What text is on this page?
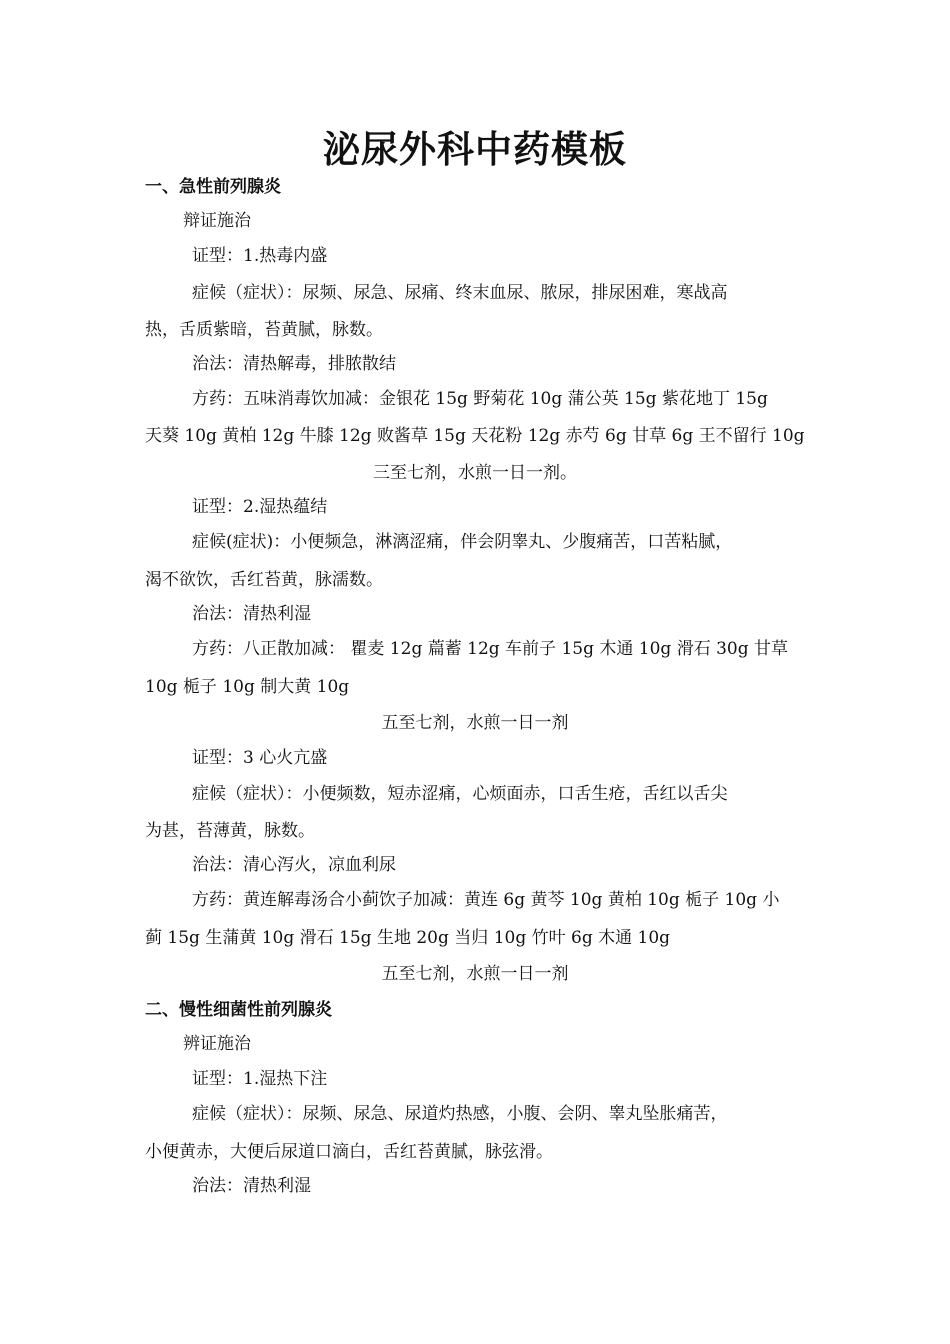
泌尿外科中药模板
一、急性前列腺炎
辩证施治
证型：1.热毒内盛
症候（症状）：尿频、尿急、尿痛、终末血尿、脓尿，排尿困难，寒战高
热，舌质紫暗，苔黄腻，脉数。
治法：清热解毒，排脓散结
方药：五味消毒饮加减：金银花 15g 野菊花 10g 蒲公英 15g 紫花地丁 15g
天葵 10g 黄柏 12g 牛膝 12g 败酱草 15g 天花粉 12g 赤芍 6g 甘草 6g 王不留行 10g
三至七剂，水煎一日一剂。
证型：2.湿热蕴结
症候(症状)：小便频急，淋漓涩痛，伴会阴睾丸、少腹痛苦，口苦粘腻，
渴不欲饮，舌红苔黄，脉濡数。
治法：清热利湿
方药：八正散加减： 瞿麦 12g 萹蓄 12g 车前子 15g 木通 10g 滑石 30g 甘草
10g 栀子 10g 制大黄 10g
五至七剂，水煎一日一剂
证型：3 心火亢盛
症候（症状）：小便频数，短赤涩痛，心烦面赤，口舌生疮，舌红以舌尖
为甚，苔薄黄，脉数。
治法：清心泻火，凉血利尿
方药：黄连解毒汤合小蓟饮子加减：黄连 6g 黄芩 10g 黄柏 10g 栀子 10g 小
蓟 15g 生蒲黄 10g 滑石 15g 生地 20g 当归 10g 竹叶 6g 木通 10g
五至七剂，水煎一日一剂
二、慢性细菌性前列腺炎
辨证施治
证型：1.湿热下注
症候（症状）：尿频、尿急、尿道灼热感，小腹、会阴、睾丸坠胀痛苦，
小便黄赤，大便后尿道口滴白，舌红苔黄腻，脉弦滑。
治法：清热利湿
